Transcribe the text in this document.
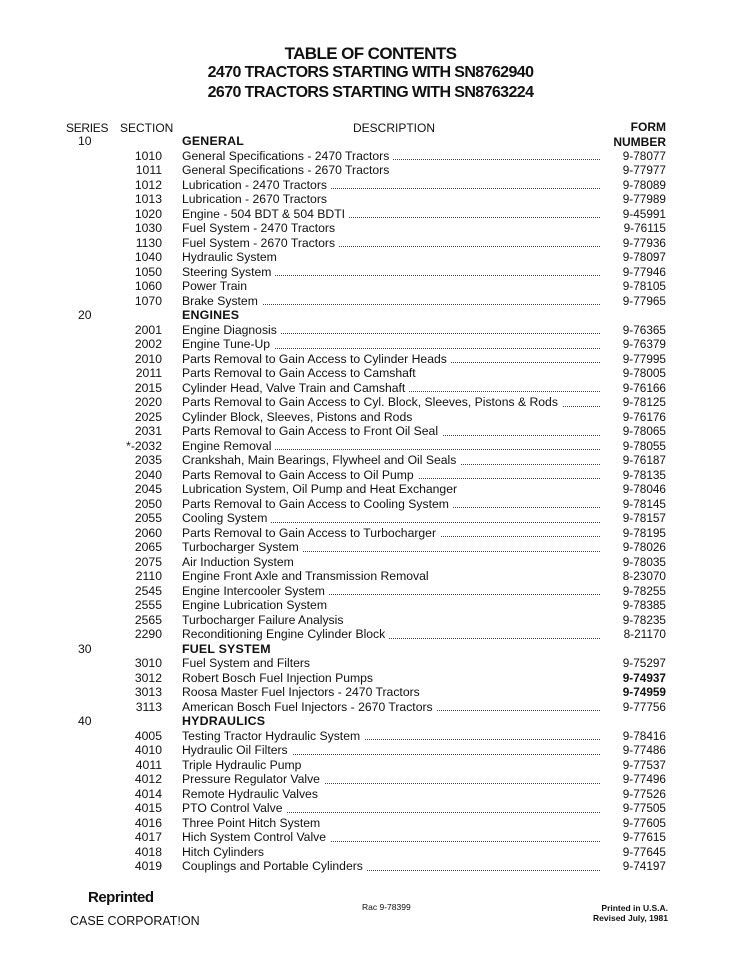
TABLE OF CONTENTS
2470 TRACTORS STARTING WITH SN8762940
2670 TRACTORS STARTING WITH SN8763224
SERIES SECTION	DESCRIPTION	FORM
NUMBER
10	GENERAL
1010 General Specifications - 2470 Tractors	9-78077
1011 General Specifications - 2670 Tractors	9-77977
1012 Lubrication - 2470 Tractors	9-78089
1013 Lubrication - 2670 Tractors	9-77989
1020 Engine - 504 BDT & 504 BDTI	9-45991
1030 Fuel System - 2470 Tractors	9-76115
1130 Fuel System - 2670 Tractors	9-77936
1040 Hydraulic System	9-78097
1050 Steering System	9-77946
1060 Power Train	9-78105
1070 Brake System	9-77965
20	ENGINES
2001 Engine Diagnosis	9-76365
2002 Engine Tune-Up	9-76379
2010 Parts Removal to Gain Access to Cylinder Heads	9-77995
2011 Parts Removal to Gain Access to Camshaft	9-78005
2015 Cylinder Head, Valve Train and Camshaft	9-76166
2020 Parts Removal to Gain Access to Cyl. Block, Sleeves, Pistons & Rods	9-78125
2025 Cylinder Block, Sleeves, Pistons and Rods	9-76176
2031 Parts Removal to Gain Access to Front Oil Seal	9-78065
*-2032 Engine Removal	9-78055
2035 Crankshah, Main Bearings, Flywheel and Oil Seals	9-76187
2040 Parts Removal to Gain Access to Oil Pump	9-78135
2045 Lubrication System, Oil Pump and Heat Exchanger	9-78046
2050 Parts Removal to Gain Access to Cooling System	9-78145
2055 Cooling System	9-78157
2060 Parts Removal to Gain Access to Turbocharger	9-78195
2065 Turbocharger System	9-78026
2075 Air Induction System	9-78035
2110 Engine Front Axle and Transmission Removal	8-23070
2545 Engine Intercooler System	9-78255
2555 Engine Lubrication System	9-78385
2565 Turbocharger Failure Analysis	9-78235
2290 Reconditioning Engine Cylinder Block	8-21170
30	FUEL SYSTEM
3010 Fuel System and Filters	9-75297
3012 Robert Bosch Fuel Injection Pumps	9-74937
3013 Roosa Master Fuel Injectors - 2470 Tractors	9-74959
3113 American Bosch Fuel Injectors - 2670 Tractors	9-77756
40	HYDRAULICS
4005 Testing Tractor Hydraulic System	9-78416
4010 Hydraulic Oil Filters	9-77486
4011 Triple Hydraulic Pump	9-77537
4012 Pressure Regulator Valve	9-77496
4014 Remote Hydraulic Valves	9-77526
4015 PTO Control Valve	9-77505
4016 Three Point Hitch System	9-77605
4017 Hich System Control Valve	9-77615
4018 Hitch Cylinders	9-77645
4019 Couplings and Portable Cylinders	9-74197
Reprinted
CASE CORPORAT!ON
Rac 9-78399	Printed in U.S.A.
Revised July, 1981
